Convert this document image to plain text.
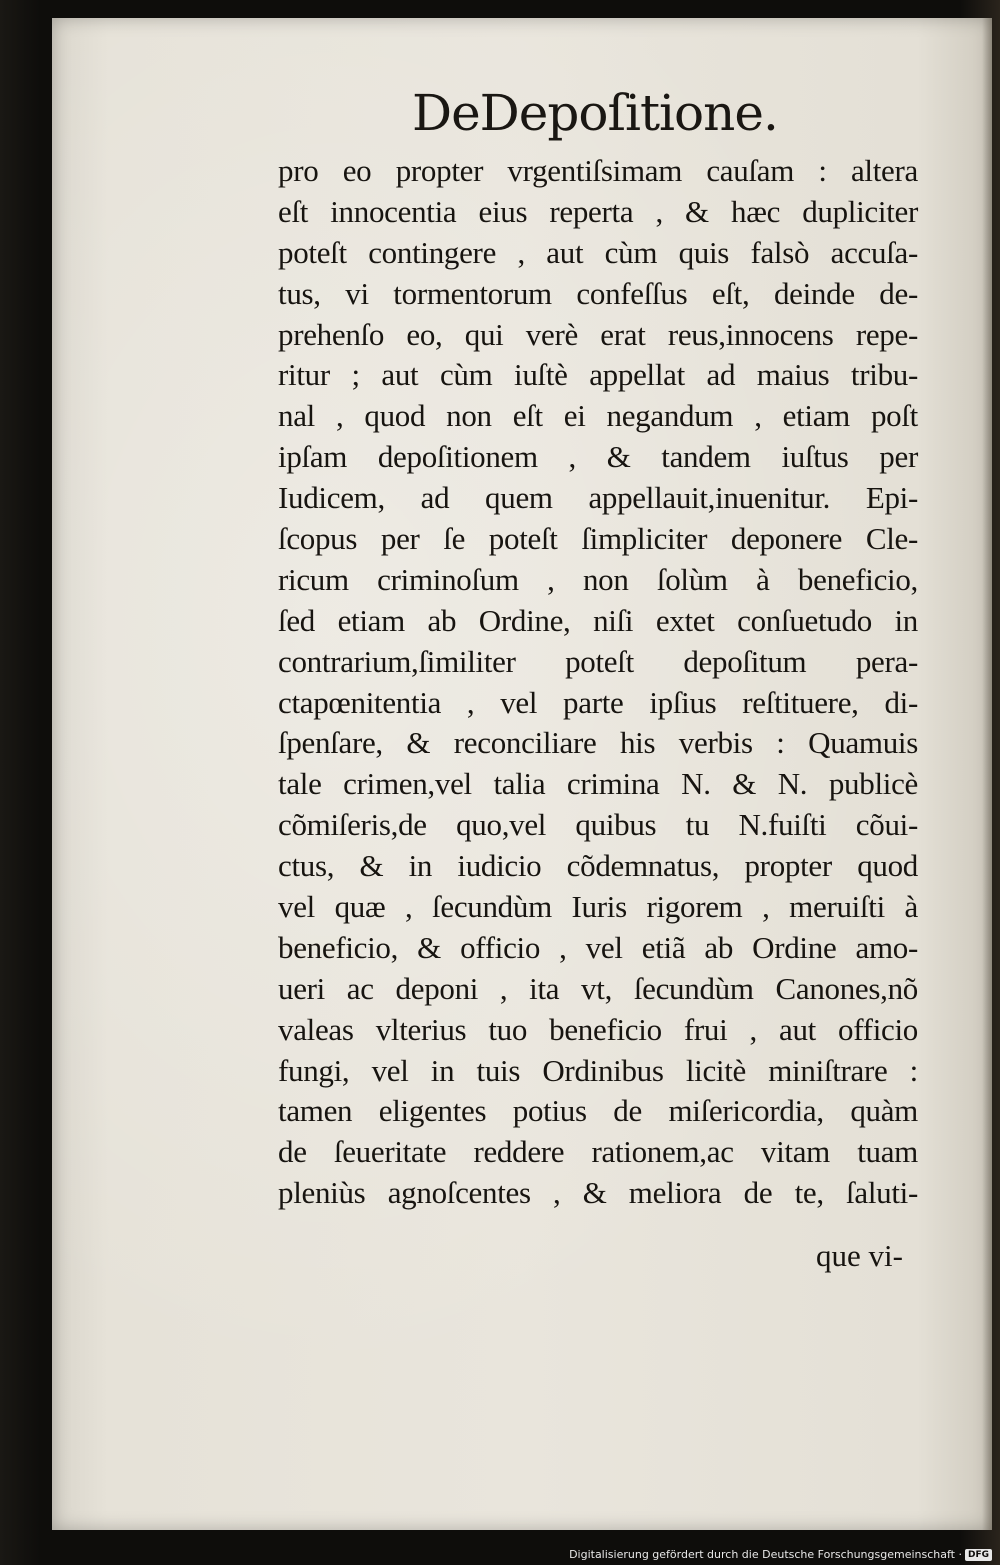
DeDepoſitione.
pro eo propter vrgentiſsimam cauſam : altera
eſt innocentia eius reperta , & hæc dupliciter
poteſt contingere , aut cùm quis falsò accuſa-
tus, vi tormentorum confeſſus eſt, deinde de-
prehenſo eo, qui verè erat reus,innocens repe-
ritur ; aut cùm iuſtè appellat ad maius tribu-
nal , quod non eſt ei negandum , etiam poſt
ipſam depoſitionem , & tandem iuſtus per
Iudicem, ad quem appellauit,inuenitur. Epi-
ſcopus per ſe poteſt ſimpliciter deponere Cle-
ricum criminoſum , non ſolùm à beneficio,
ſed etiam ab Ordine, niſi extet conſuetudo in
contrarium,ſimiliter poteſt depoſitum pera-
ctapœnitentia , vel parte ipſius reſtituere, di-
ſpenſare, & reconciliare his verbis : Quamuis
tale crimen,vel talia crimina N. & N. publicè
cõmiſeris,de quo,vel quibus tu N.fuiſti cõui-
ctus, & in iudicio cõdemnatus, propter quod
vel quæ , ſecundùm Iuris rigorem , meruiſti à
beneficio, & officio , vel etiã ab Ordine amo-
ueri ac deponi , ita vt, ſecundùm Canones,nõ
valeas vlterius tuo beneficio frui , aut officio
fungi, vel in tuis Ordinibus licitè miniſtrare :
tamen eligentes potius de miſericordia, quàm
de ſeueritate reddere rationem,ac vitam tuam
pleniùs agnoſcentes , & meliora de te, ſaluti-
que vi-
Digitalisierung gefördert durch die Deutsche Forschungsgemeinschaft · DFG
